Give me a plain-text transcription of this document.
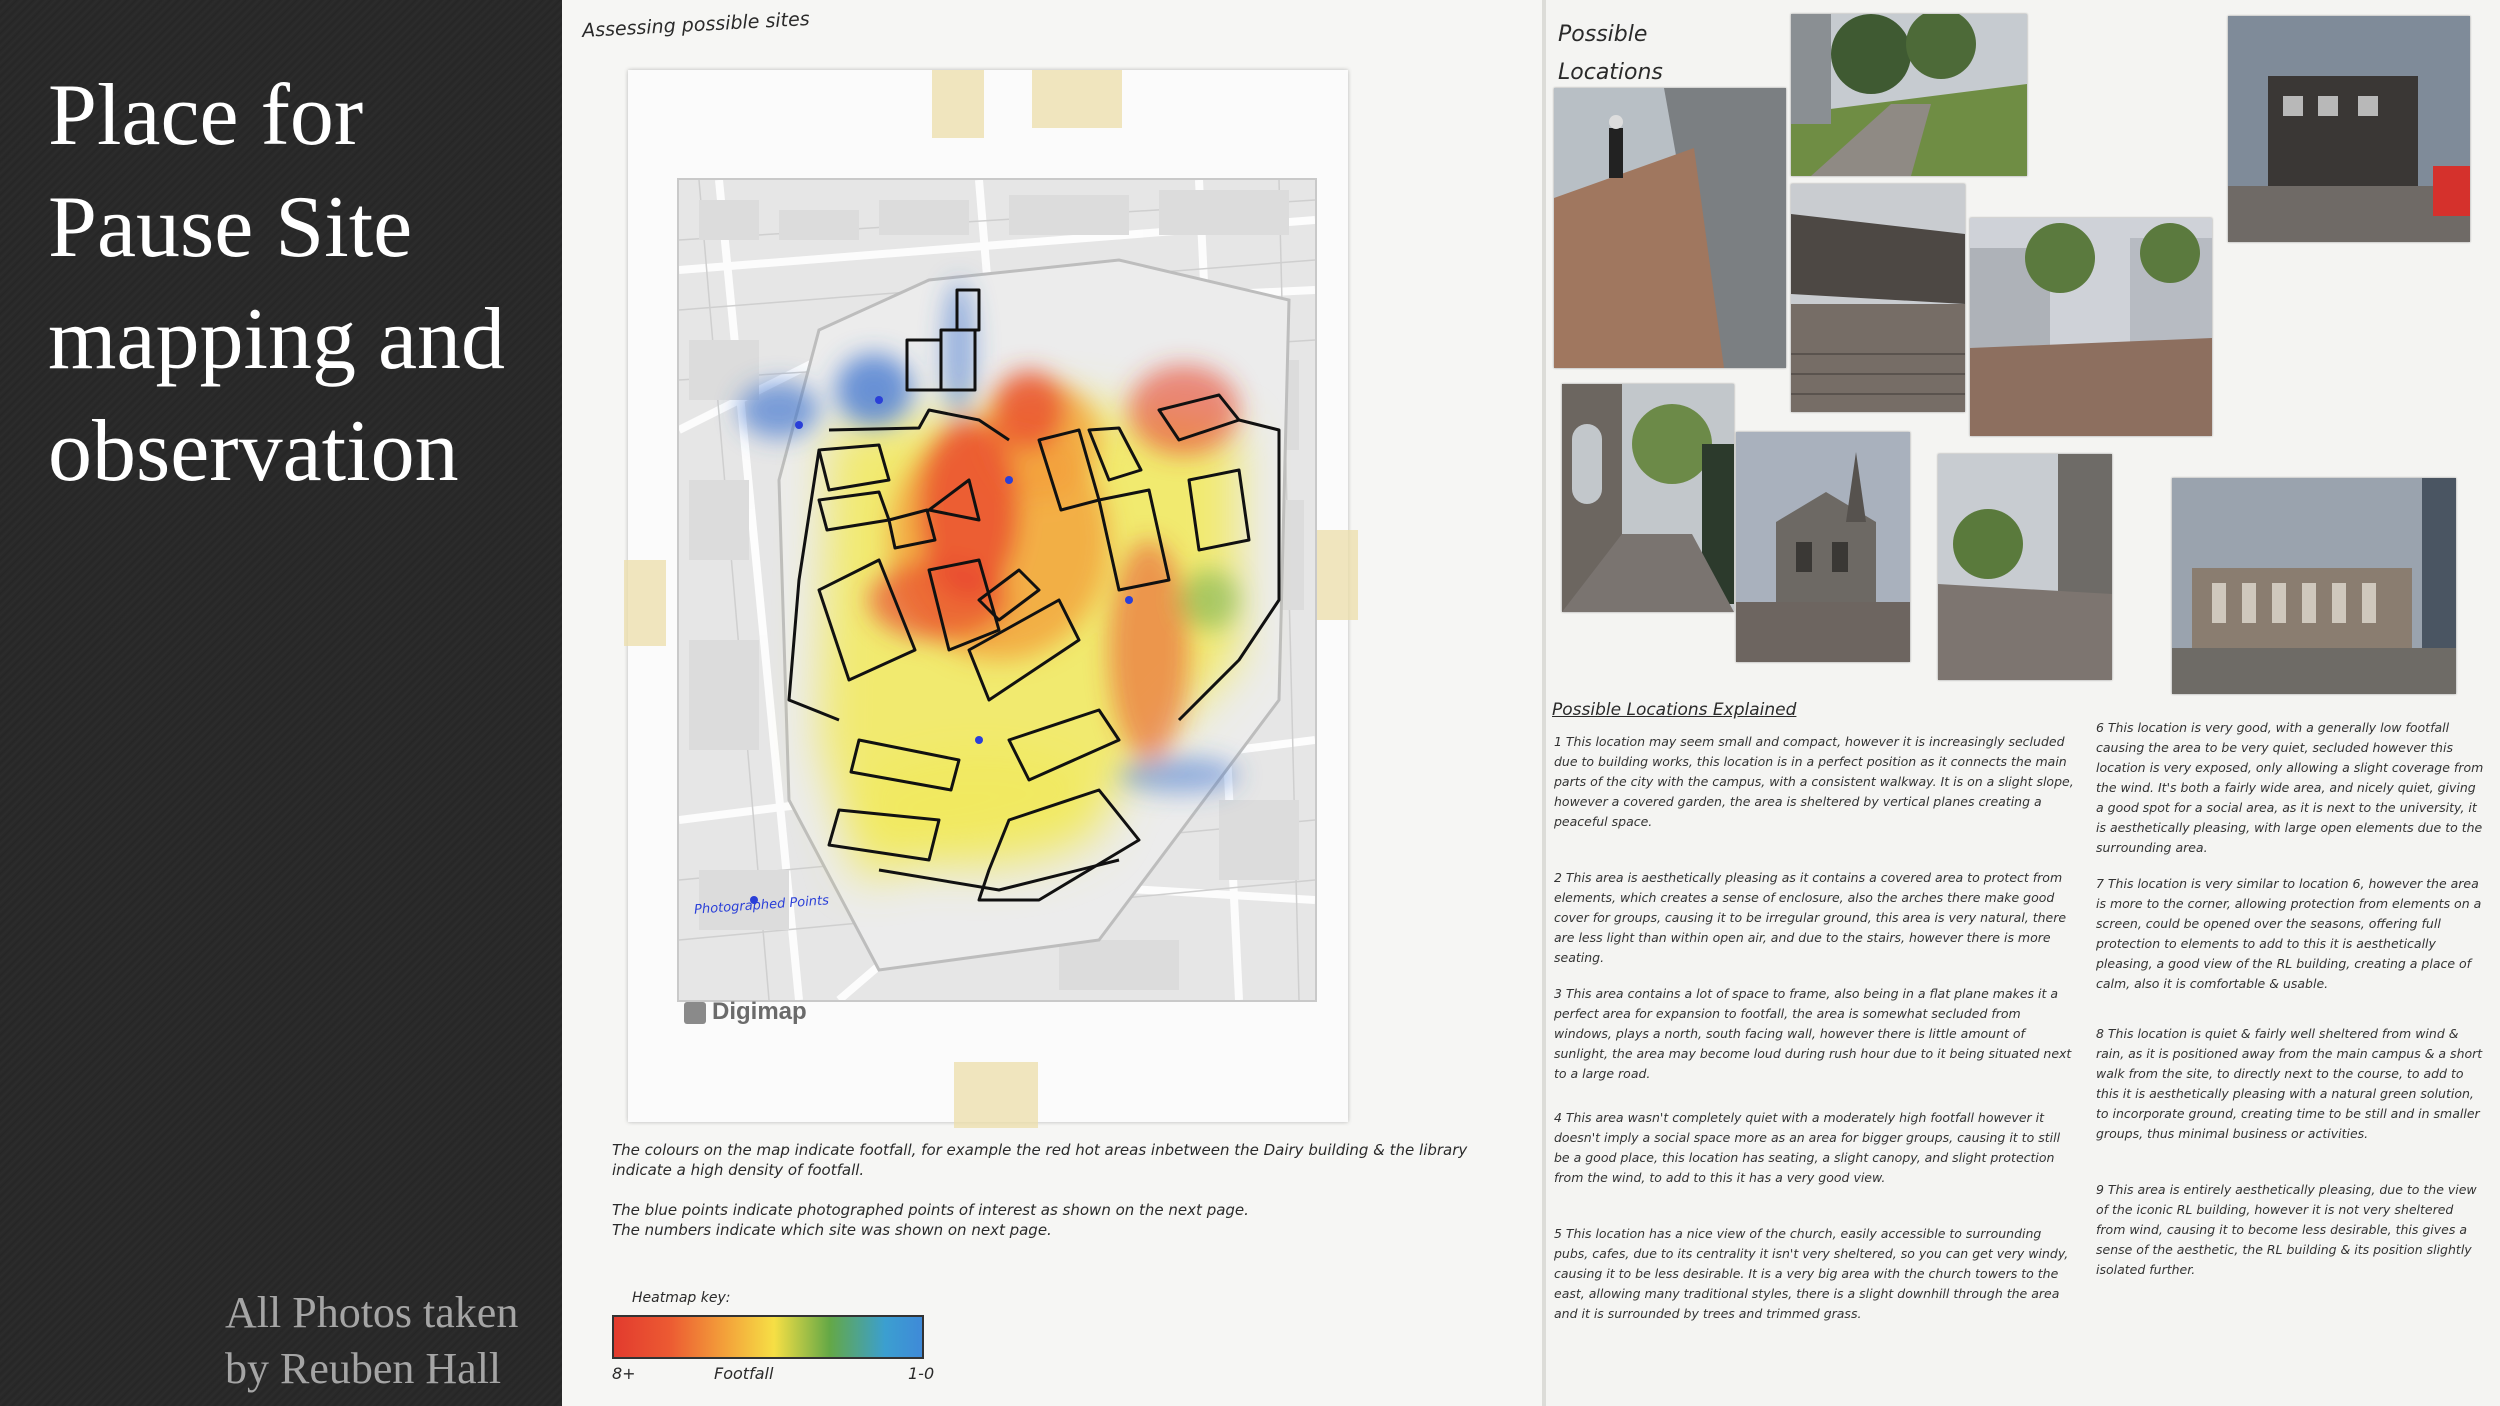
Place for Pause Site mapping and observation
All Photos taken by Reuben Hall
Assessing possible sites
Photographed Points
Digimap
The colours on the map indicate footfall, for example the red hot areas inbetween the Dairy building & the library indicate a high density of footfall.
The blue points indicate photographed points of interest as shown on the next page. The numbers indicate which site was shown on next page.
Heatmap key:
8+	Footfall	1-0
Possible
Locations
Possible Locations Explained
1 This location may seem small and compact, however it is increasingly secluded due to building works, this location is in a perfect position as it connects the main parts of the city with the campus, with a consistent walkway. It is on a slight slope, however a covered garden, the area is sheltered by vertical planes creating a peaceful space.
2 This area is aesthetically pleasing as it contains a covered area to protect from elements, which creates a sense of enclosure, also the arches there make good cover for groups, causing it to be irregular ground, this area is very natural, there are less light than within open air, and due to the stairs, however there is more seating.
3 This area contains a lot of space to frame, also being in a flat plane makes it a perfect area for expansion to footfall, the area is somewhat secluded from windows, plays a north, south facing wall, however there is little amount of sunlight, the area may become loud during rush hour due to it being situated next to a large road.
4 This area wasn't completely quiet with a moderately high footfall however it doesn't imply a social space more as an area for bigger groups, causing it to still be a good place, this location has seating, a slight canopy, and slight protection from the wind, to add to this it has a very good view.
5 This location has a nice view of the church, easily accessible to surrounding pubs, cafes, due to its centrality it isn't very sheltered, so you can get very windy, causing it to be less desirable. It is a very big area with the church towers to the east, allowing many traditional styles, there is a slight downhill through the area and it is surrounded by trees and trimmed grass.
6 This location is very good, with a generally low footfall causing the area to be very quiet, secluded however this location is very exposed, only allowing a slight coverage from the wind. It's both a fairly wide area, and nicely quiet, giving a good spot for a social area, as it is next to the university, it is aesthetically pleasing, with large open elements due to the surrounding area.
7 This location is very similar to location 6, however the area is more to the corner, allowing protection from elements on a screen, could be opened over the seasons, offering full protection to elements to add to this it is aesthetically pleasing, a good view of the RL building, creating a place of calm, also it is comfortable & usable.
8 This location is quiet & fairly well sheltered from wind & rain, as it is positioned away from the main campus & a short walk from the site, to directly next to the course, to add to this it is aesthetically pleasing with a natural green solution, to incorporate ground, creating time to be still and in smaller groups, thus minimal business or activities.
9 This area is entirely aesthetically pleasing, due to the view of the iconic RL building, however it is not very sheltered from wind, causing it to become less desirable, this gives a sense of the aesthetic, the RL building & its position slightly isolated further.
